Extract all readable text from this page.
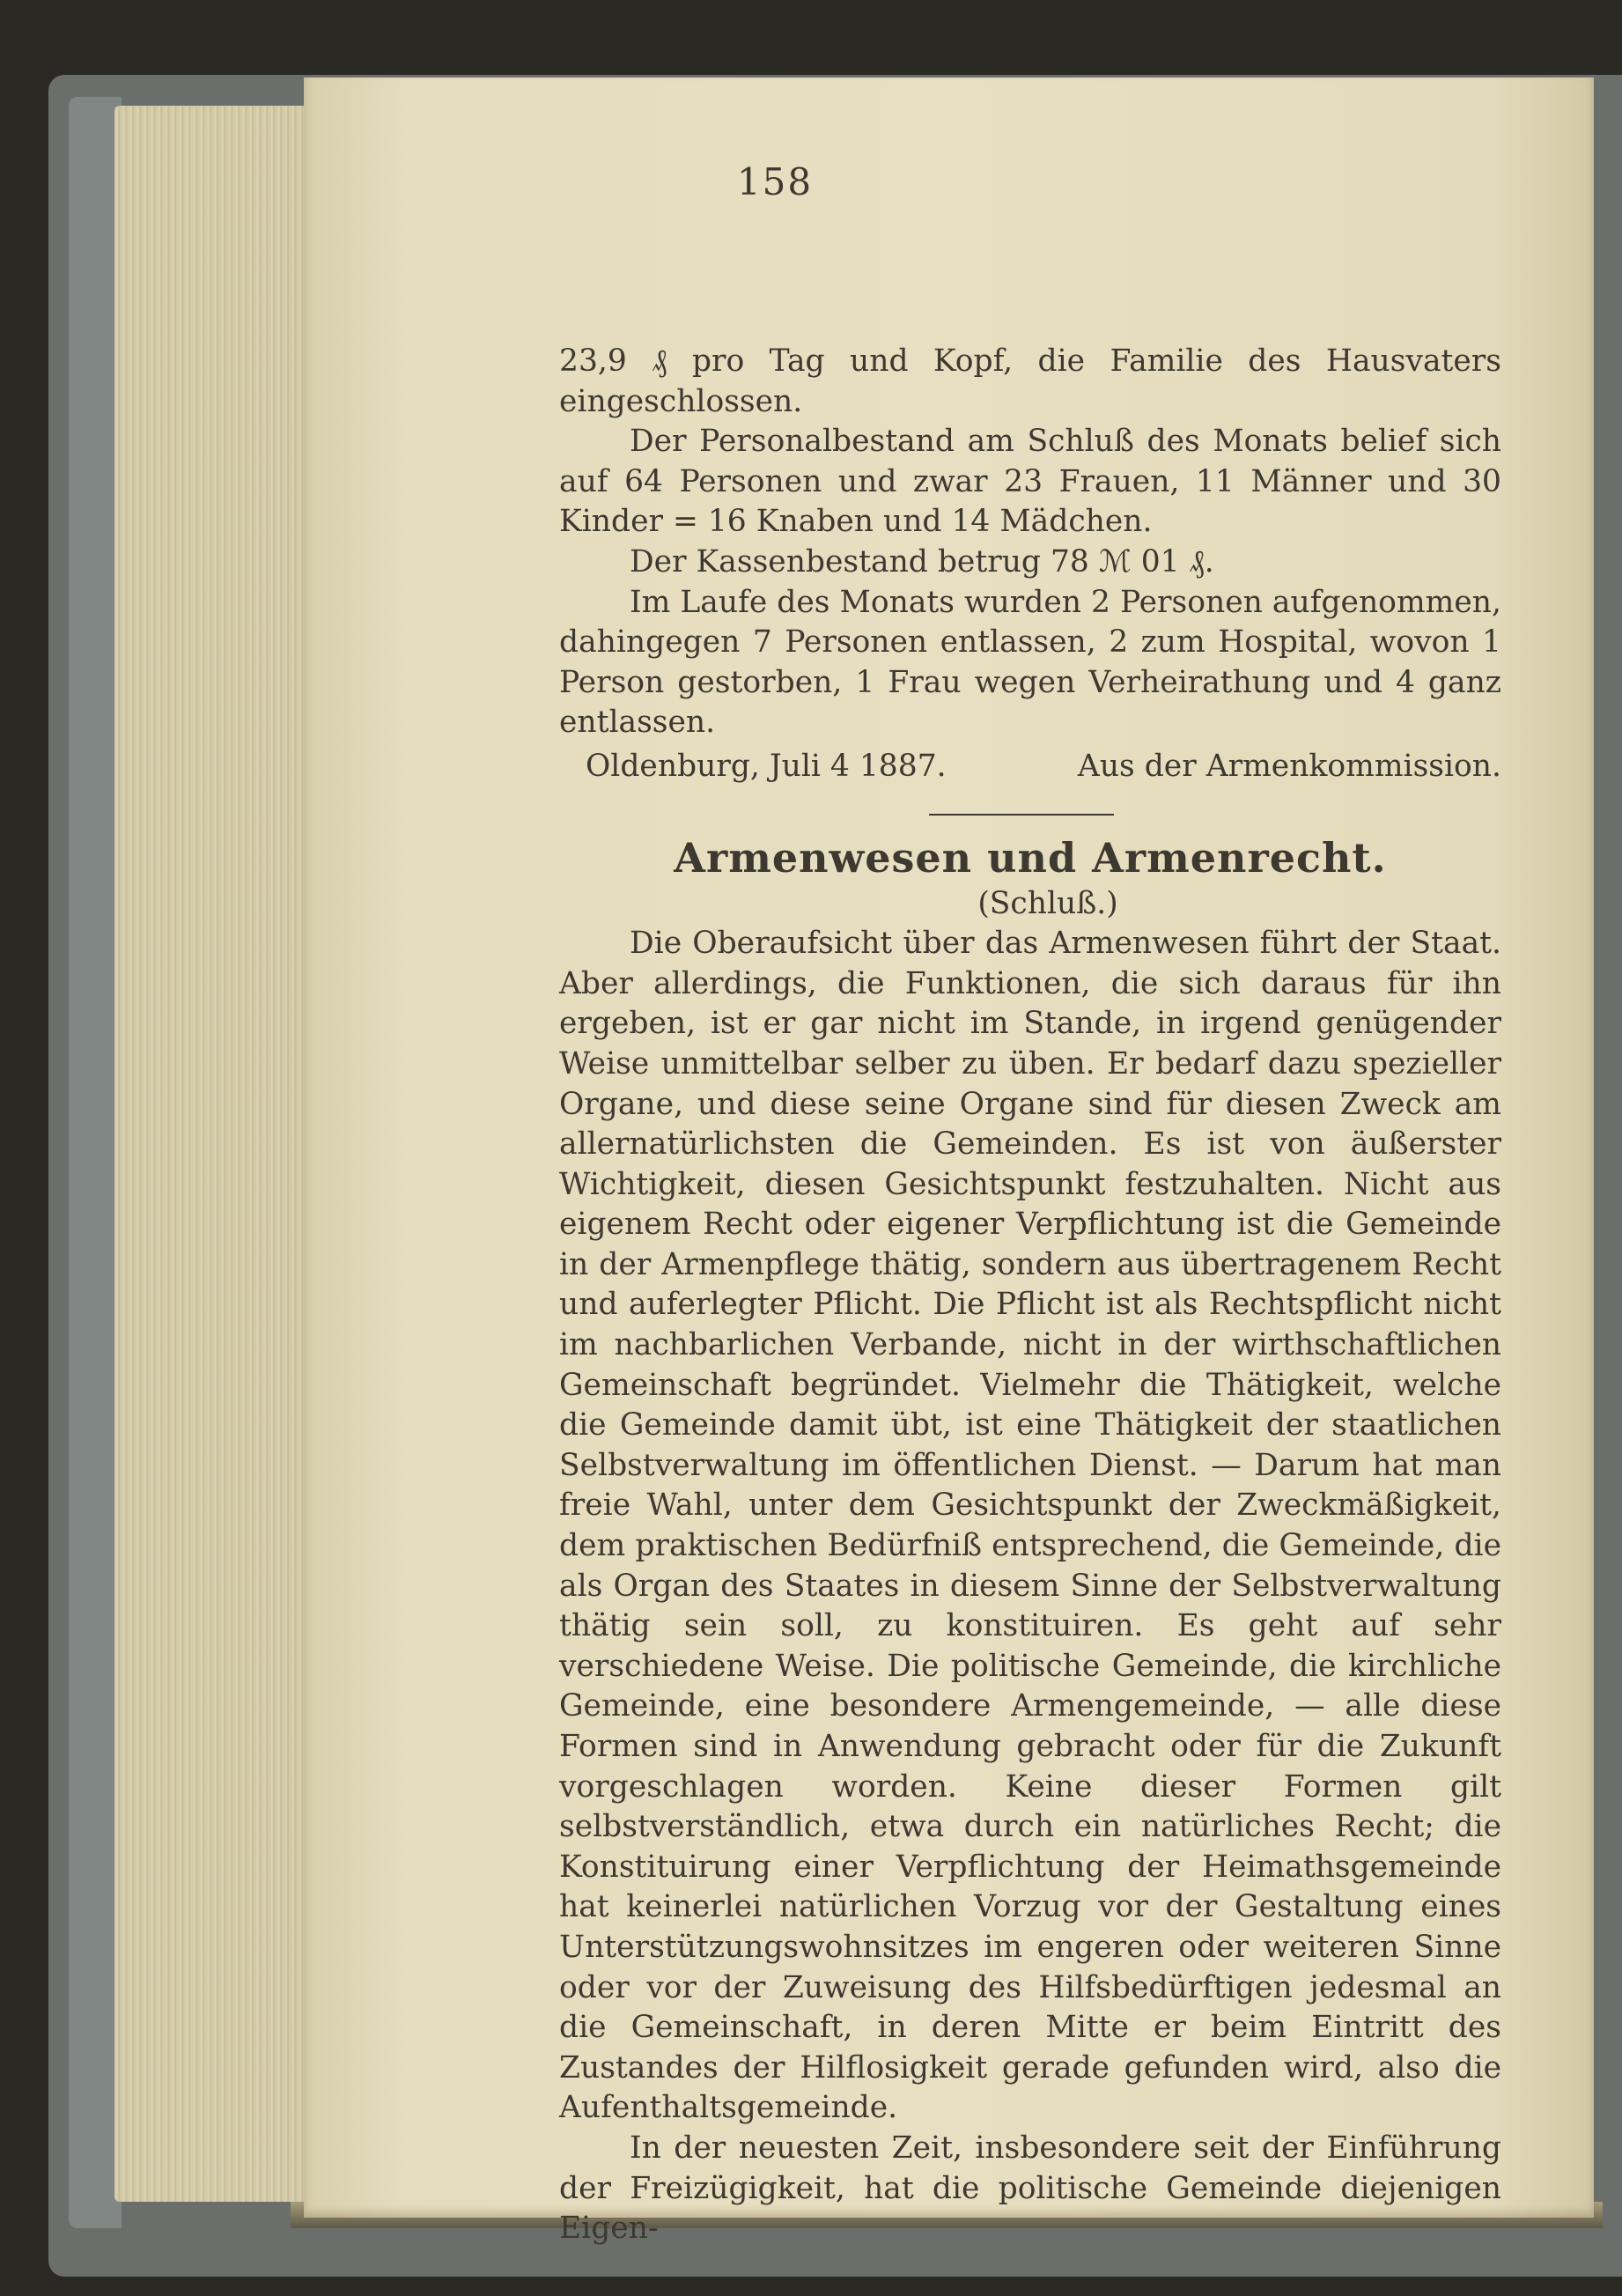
23,9 ₰ pro Tag und Kopf, die Familie des Hausvaters eingeschlossen.

Der Personalbestand am Schluß des Monats belief sich auf 64 Personen und zwar 23 Frauen, 11 Männer und 30 Kinder = 16 Knaben und 14 Mädchen.

Der Kassenbestand betrug 78 ℳ 01 ₰.

Im Laufe des Monats wurden 2 Personen aufgenommen, dahingegen 7 Personen entlassen, 2 zum Hospital, wovon 1 Person gestorben, 1 Frau wegen Verheirathung und 4 ganz entlassen.

Oldenburg, Juli 4 1887.	Aus der Armenkommission.
Armenwesen und Armenrecht.
(Schluß.)

Die Oberaufsicht über das Armenwesen führt der Staat. Aber allerdings, die Funktionen, die sich daraus für ihn ergeben, ist er gar nicht im Stande, in irgend genügender Weise unmittelbar selber zu üben. Er bedarf dazu spezieller Organe, und diese seine Organe sind für diesen Zweck am allernatürlichsten die Gemeinden. Es ist von äußerster Wichtigkeit, diesen Gesichtspunkt festzuhalten. Nicht aus eigenem Recht oder eigener Verpflichtung ist die Gemeinde in der Armenpflege thätig, sondern aus übertragenem Recht und auferlegter Pflicht. Die Pflicht ist als Rechtspflicht nicht im nachbarlichen Verbande, nicht in der wirthschaftlichen Gemeinschaft begründet. Vielmehr die Thätigkeit, welche die Gemeinde damit übt, ist eine Thätigkeit der staatlichen Selbstverwaltung im öffentlichen Dienst. — Darum hat man freie Wahl, unter dem Gesichtspunkt der Zweckmäßigkeit, dem praktischen Bedürfniß entsprechend, die Gemeinde, die als Organ des Staates in diesem Sinne der Selbstverwaltung thätig sein soll, zu konstituiren. Es geht auf sehr verschiedene Weise. Die politische Gemeinde, die kirchliche Gemeinde, eine besondere Armengemeinde, — alle diese Formen sind in Anwendung gebracht oder für die Zukunft vorgeschlagen worden. Keine dieser Formen gilt selbstverständlich, etwa durch ein natürliches Recht; die Konstituirung einer Verpflichtung der Heimathsgemeinde hat keinerlei natürlichen Vorzug vor der Gestaltung eines Unterstützungswohnsitzes im engeren oder weiteren Sinne oder vor der Zuweisung des Hilfsbedürftigen jedesmal an die Gemeinschaft, in deren Mitte er beim Eintritt des Zustandes der Hilflosigkeit gerade gefunden wird, also die Aufenthaltsgemeinde.

In der neuesten Zeit, insbesondere seit der Einführung der Freizügigkeit, hat die politische Gemeinde diejenigen Eigen-

158
